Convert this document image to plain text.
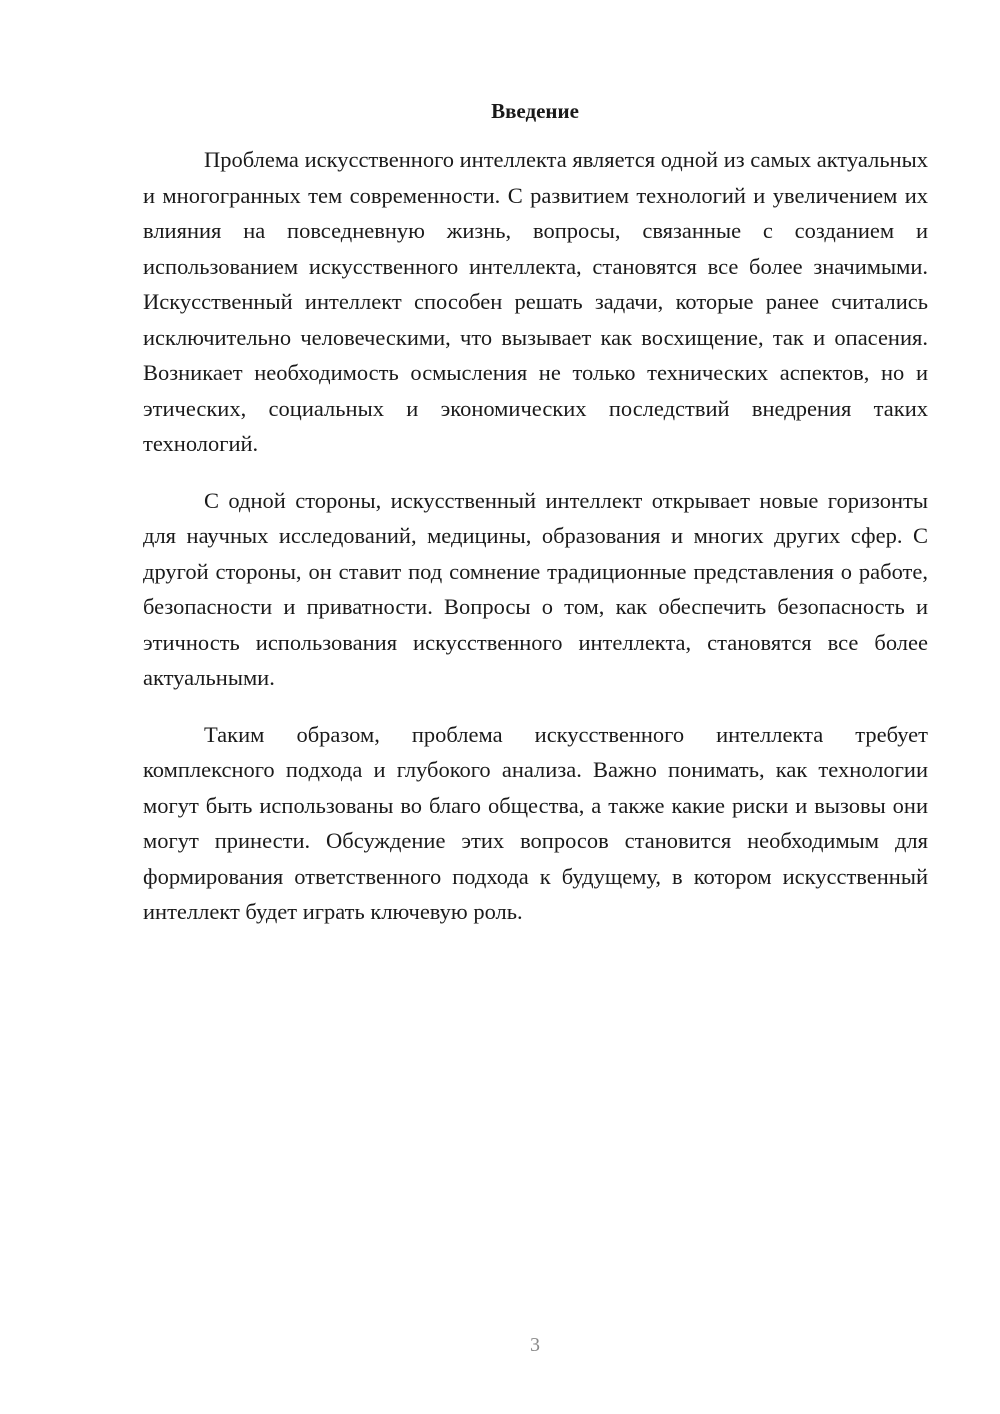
Введение

Проблема искусственного интеллекта является одной из самых актуальных и многогранных тем современности. С развитием технологий и увеличением их влияния на повседневную жизнь, вопросы, связанные с созданием и использованием искусственного интеллекта, становятся все более значимыми. Искусственный интеллект способен решать задачи, которые ранее считались исключительно человеческими, что вызывает как восхищение, так и опасения. Возникает необходимость осмысления не только технических аспектов, но и этических, социальных и экономических последствий внедрения таких технологий.

С одной стороны, искусственный интеллект открывает новые горизонты для научных исследований, медицины, образования и многих других сфер. С другой стороны, он ставит под сомнение традиционные представления о работе, безопасности и приватности. Вопросы о том, как обеспечить безопасность и этичность использования искусственного интеллекта, становятся все более актуальными.

Таким образом, проблема искусственного интеллекта требует комплексного подхода и глубокого анализа. Важно понимать, как технологии могут быть использованы во благо общества, а также какие риски и вызовы они могут принести. Обсуждение этих вопросов становится необходимым для формирования ответственного подхода к будущему, в котором искусственный интеллект будет играть ключевую роль.

3
